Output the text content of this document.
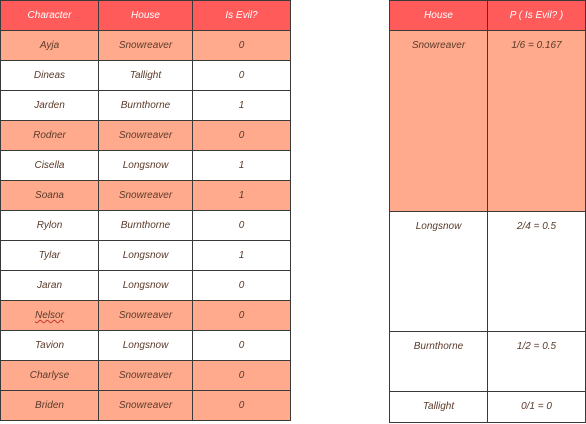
Character	House	Is Evil?
Ayja	Snowreaver	0
Dineas	Tallight	0
Jarden	Burnthorne	1
Rodner	Snowreaver	0
Cisella	Longsnow	1
Soana	Snowreaver	1
Rylon	Burnthorne	0
Tylar	Longsnow	1
Jaran	Longsnow	0
Nelsor	Snowreaver	0
Tavion	Longsnow	0
Charlyse	Snowreaver	0
Briden	Snowreaver	0
House	P ( Is Evil? )
Snowreaver	1/6 = 0.167
Longsnow	2/4 = 0.5
Burnthorne	1/2 = 0.5
Tallight	0/1 = 0
